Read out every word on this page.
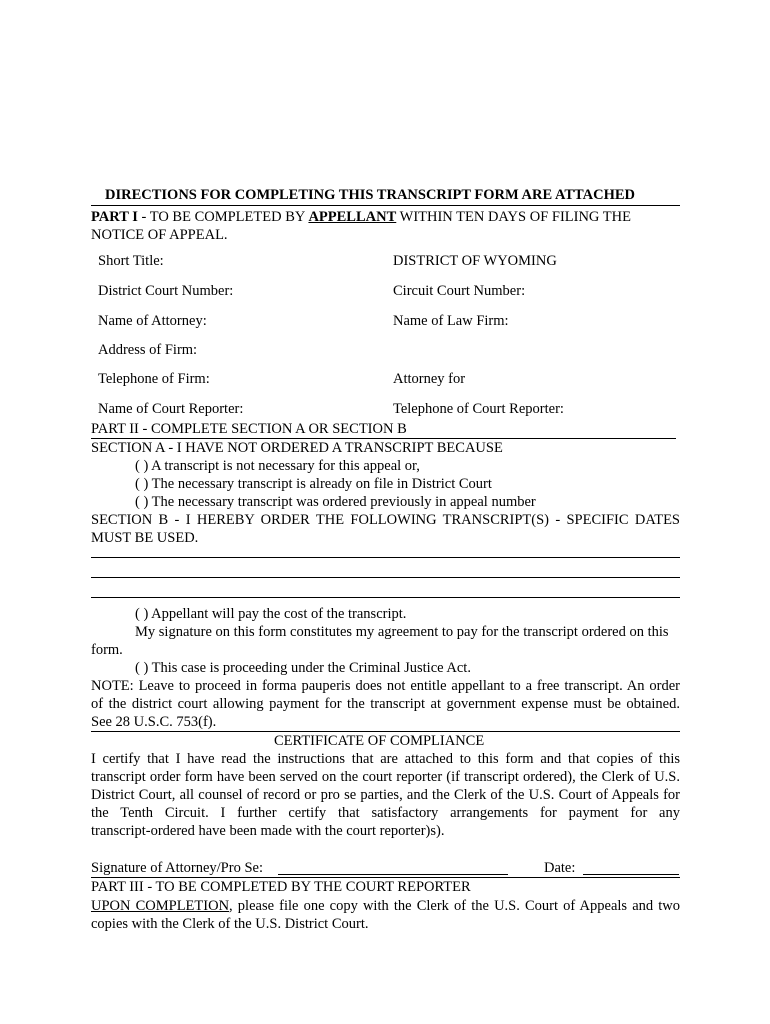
DIRECTIONS FOR COMPLETING THIS TRANSCRIPT FORM ARE ATTACHED
PART I - TO BE COMPLETED BY APPELLANT WITHIN TEN DAYS OF FILING THE
NOTICE OF APPEAL.
Short Title:	DISTRICT OF WYOMING
District Court Number:	Circuit Court Number:
Name of Attorney:	Name of Law Firm:
Address of Firm:
Telephone of Firm:	Attorney for
Name of Court Reporter:	Telephone of Court Reporter:
PART II - COMPLETE SECTION A OR SECTION B
SECTION A - I HAVE NOT ORDERED A TRANSCRIPT BECAUSE
( ) A transcript is not necessary for this appeal or,
( ) The necessary transcript is already on file in District Court
( ) The necessary transcript was ordered previously in appeal number
SECTION B - I HEREBY ORDER THE FOLLOWING TRANSCRIPT(S) - SPECIFIC DATES
MUST BE USED.
( ) Appellant will pay the cost of the transcript.
My signature on this form constitutes my agreement to pay for the transcript ordered on this
form.
( ) This case is proceeding under the Criminal Justice Act.
NOTE: Leave to proceed in forma pauperis does not entitle appellant to a free transcript. An order
of the district court allowing payment for the transcript at government expense must be obtained.
See 28 U.S.C. 753(f).
CERTIFICATE OF COMPLIANCE
I certify that I have read the instructions that are attached to this form and that copies of this
transcript order form have been served on the court reporter (if transcript ordered), the Clerk of U.S.
District Court, all counsel of record or pro se parties, and the Clerk of the U.S. Court of Appeals for
the Tenth Circuit. I further certify that satisfactory arrangements for payment for any
transcript-ordered have been made with the court reporter)s).
Signature of Attorney/Pro Se:	Date:
PART III - TO BE COMPLETED BY THE COURT REPORTER
UPON COMPLETION, please file one copy with the Clerk of the U.S. Court of Appeals and two
copies with the Clerk of the U.S. District Court.
